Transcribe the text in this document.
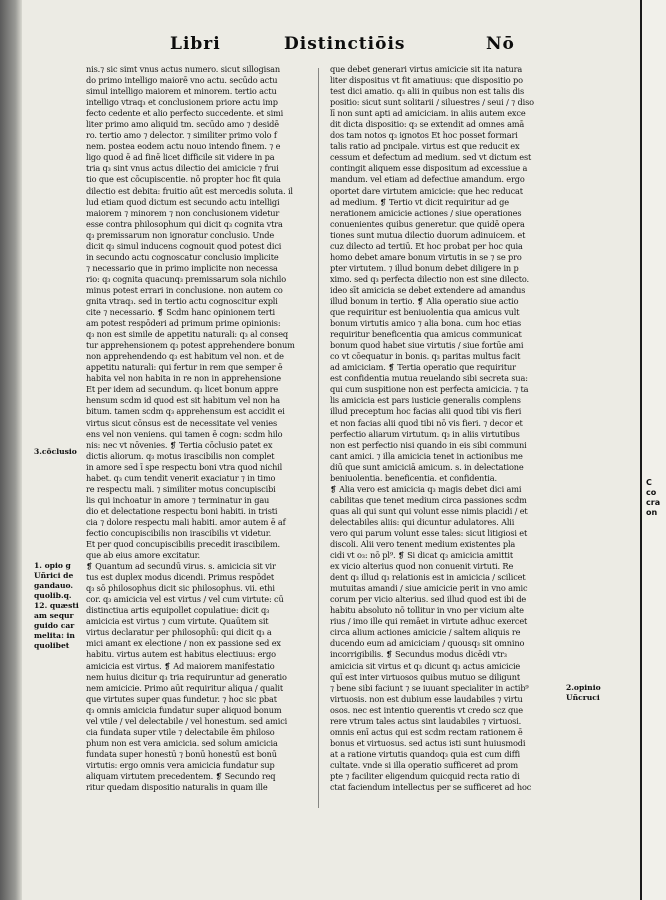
Libri	Distinctiōis	Nō
nis.⁊ sic simt vnus actus numero. sicut sillogisan
do primo intelligo maiorē vno actu. secūdo actu
simul intelligo maiorem et minorem. tertio actu
intelligo vtraq₃ et conclusionem priore actu imp
fecto cedente et alio perfecto succedente. et simi
liter primo amo aliquid tm. secūdo amo ⁊ desidē
ro. tertio amo ⁊ delector. ⁊ similiter primo volo f
nem. postea eodem actu nouo intendo finem. ⁊ e
ligo quod ē ad finē licet difficile sit videre in pa
tria q₃ sint vnus actus dilectio dei amicicie ⁊ frui
tio que est cōcupiscentie. nō propter hoc fit quia
dilectio est debita: fruitio aūt est mercedis soluta. il
lud etiam quod dictum est secundo actu intelligi
maiorem ⁊ minorem ⁊ non conclusionem videtur
esse contra philosophum qui dicit q₃ cognita vtra
q₃ premissarum non ignoratur conclusio. Unde
dicit q₃ simul inducens cognouit quod potest dici
in secundo actu cognoscatur conclusio implicite
⁊ necessario que in primo implicite non necessa
rio: q₃ cognita quacunq₃ premissarum sola nichilo
minus potest errari in conclusione. non autem co
gnita vtraq₃. sed in tertio actu cognoscitur expli
cite ⁊ necessario. ❡ Scdm hanc opinionem terti
am potest respōderi ad primum prime opinionis:
q₃ non est simile de appetitu naturali: q₃ al conseq
tur apprehensionem q₃ potest apprehendere bonum
non apprehendendo q₃ est habitum vel non. et de
appetitu naturali: qui fertur in rem que semper ē
habita vel non habita in re non in apprehensione
Et per idem ad secundum. q₃ licet bonum appre
hensum scdm id quod est sit habitum vel non ha
bitum. tamen scdm q₃ apprehensum est accidit ei
virtus sicut cōnsus est de necessitate vel venies
ens vel non veniens. qui tamen ē cogn: scdm hilo
nis: nec vt nōvenies. ❡ Tertia cōclusio patet ex
dictis aliorum. q₃ motus irascibilis non complet
in amore sed ī spe respectu boni vtra quod nichil
habet. q₃ cum tendit venerit exaciatur ⁊ in timo
re respectu mali. ⁊ similiter motus concupiscibi
lis qui inchoatur in amore ⁊ terminatur in gau
dio et delectatione respectu boni habiti. in tristi
cia ⁊ dolore respectu mali habiti. amor autem ē af
fectio concupiscibilis non irascibilis vt videtur.
Et per quod concupiscibilis precedit irascibilem.
que ab eius amore excitatur.
❡ Quantum ad secundū virus. s. amicicia sit vir
tus est duplex modus dicendi. Primus respōdet
q₃ sō philosophus dicit sic philosophus. vii. ethi
cor. q₃ amicicia vel est virtus / vel cum virtute: cū
distinctiua artis equipollet copulatiue: dicit q₃
amicicia est virtus ⁊ cum virtute. Quaūtem sit
virtus declaratur per philosophū: qui dicit q₃ a
mici amant ex electione / non ex passione sed ex
habitu. virtus autem est habitus electiuus: ergo
amicicia est virtus. ❡ Ad maiorem manifestatio
nem huius dicitur q₃ tria requiruntur ad generatio
nem amicicie. Primo aūt requiritur aliqua / qualit
que virtutes super quas fundetur. ⁊ hoc sic pbat
q₃ omnis amicicia fundatur super aliquod bonum
vel vtile / vel delectabile / vel honestum. sed amici
cia fundata super vtile ⁊ delectabile ēm philoso
phum non est vera amicicia. sed solum amicicia
fundata super honestū ⁊ bonū honestū est bonū
virtutis: ergo omnis vera amicicia fundatur sup
aliquam virtutem precedentem. ❡ Secundo req
ritur quedam dispositio naturalis in quam ille
que debet generari virtus amicicie sit ita natura
liter dispositus vt fit amatiuus: que dispositio po
test dici amatio. q₃ alii in quibus non est talis dis
positio: sicut sunt solitarii / siluestres / seui / ⁊ diso
lī non sunt apti ad amiciciam. in aliis autem exce
dit dicta dispositio: q₃ se extendit ad omnes amā
dos tam notos q₃ ignotos Et hoc posset formari
talis ratio ad pncipale. virtus est que reducit ex
cessum et defectum ad medium. sed vt dictum est
contingit aliquem esse dispositum ad excessiue a
mandum. vel etiam ad defectiue amandum. ergo
oportet dare virtutem amicicie: que hec reducat
ad medium. ❡ Tertio vt dicit requiritur ad ge
nerationem amicicie actiones / siue operationes
conuenientes quibus generetur. que quidē opera
tiones sunt mutua dilectio duorum adinuicem. et
cuz dilecto ad tertiū. Et hoc probat per hoc quia
homo debet amare bonum virtutis in se ⁊ se pro
pter virtutem. ⁊ illud bonum debet diligere in p
ximo. sed q₃ perfecta dilectio non est sine dilecto.
ideo sīt amicicia se debet extendere ad amandus
illud bonum in tertio. ❡ Alia operatio siue actio
que requiritur est beniuolentia qua amicus vult
bonum virtutis amico ⁊ alia bona. cum hoc etias
requiritur beneficentia qua amicus communicat
bonum quod habet siue virtutis / siue fortūe ami
co vt cōequatur in bonis. q₃ paritas multus facit
ad amiciciam. ❡ Tertia operatio que requiritur
est confidentia mutua reuelando sibi secreta sua:
qui cum suspitione non est perfecta amicicia. ⁊ ta
lis amicicia est pars iusticie generalis complens
illud preceptum hoc facias alii quod tibi vis fieri
et non facias alii quod tibi nō vis fieri. ⁊ decor et
perfectio aliarum virtutum. q₃ in aliis virtutibus
non est perfectio nisi quando in eis sibi communi
cant amici. ⁊ illa amicicia tenet in actionibus me
diū que sunt amiciciā amicum. s. in delectatione
beniuolentia. beneficentia. et confidentia.
❡ Alia vero est amicicia q₃ magis debet dici ami
cabilitas que tenet medium circa passiones scdm
quas ali qui sunt qui volunt esse nimis placidi / et
delectabiles aliis: qui dicuntur adulatores. Alii
vero qui parum volunt esse tales: sicut litigiosi et
discoli. Alii vero tenent medium existentes pla
cidi vt o₃: nō pl⁹. ❡ Si dicat q₃ amicicia amittit
ex vicio alterius quod non conuenit virtuti. Re
dent q₃ illud q₃ relationis est in amicicia / scilicet
mutuitas amandi / siue amicicie perit in vno amic
corum per vicio alterius. sed illud quod est ibi de
habitu absoluto nō tollitur in vno per vicium alte
rius / imo ille qui remāet in virtute adhuc exercet
circa alium actiones amicicie / saltem aliquis re
ducendo eum ad amiciciam / quousq₃ sit omnino
incorrigibilis. ❡ Secundus modus dicēdi vtr₃
amicicia sit virtus et q₃ dicunt q₃ actus amicicie
quī est inter virtuosos quibus mutuo se diligunt
⁊ bene sibi faciunt ⁊ se iuuant specialiter in actib⁹
virtuosis. non est dubium esse laudabiles ⁊ virtu
osos. nec est intentio querentis vt credo scz que
rere vtrum tales actus sint laudabiles ⁊ virtuosi.
omnis enī actus qui est scdm rectam rationem ē
bonus et virtuosus. sed actus isti sunt huiusmodi
at a ratione virtutis quandoq₃ quia est cum diffi
cultate. vnde si illa operatio sufficeret ad prom
pte ⁊ faciliter eligendum quicquid recta ratio di
ctat faciendum intellectus per se sufficeret ad hoc
3.cōclusio
1. opio g
Uñrici de
gandauo.
quolib.q.
12. quæsti
am sequr
guido car
melita: in
quolibet
2.opinio
Uñcruci
C
co
cra
on
